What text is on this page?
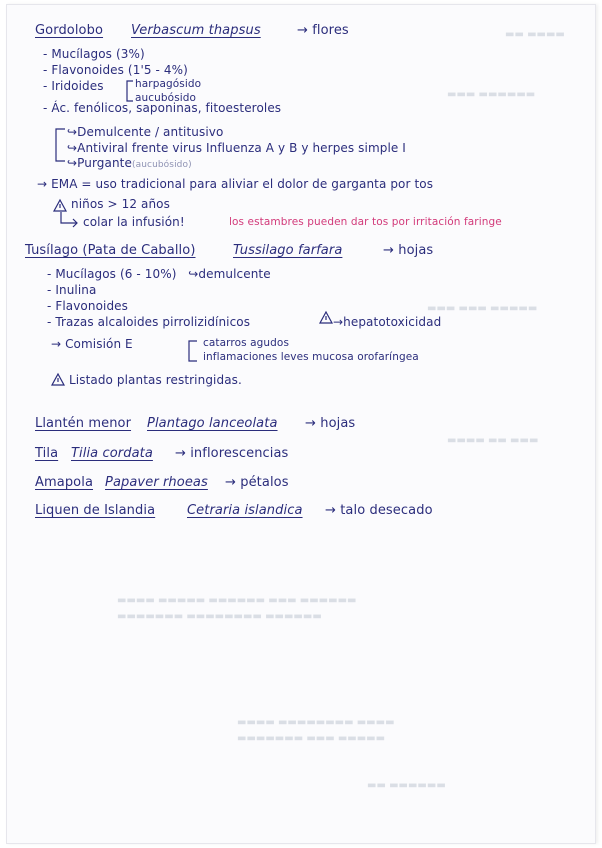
▬▬ ▬▬▬▬
▬▬▬ ▬▬▬▬▬▬
▬▬▬ ▬▬▬ ▬▬▬▬▬
▬▬▬▬ ▬▬ ▬▬▬
▬▬▬▬ ▬▬▬▬▬ ▬▬▬▬▬▬ ▬▬▬ ▬▬▬▬▬▬
▬▬▬▬▬▬▬ ▬▬▬▬▬▬▬▬ ▬▬▬▬▬▬
▬▬▬▬ ▬▬▬▬▬▬▬▬ ▬▬▬▬
▬▬▬▬▬▬▬ ▬▬▬ ▬▬▬▬▬
▬▬ ▬▬▬▬▬▬
Gordolobo Verbascum thapsus	→ flores
- Mucílagos (3%)
- Flavonoides (1'5 - 4%)
- Iridoides	harpagósido
aucubósido
- Ác. fenólicos, saponinas, fitoesteroles
↪Demulcente / antitusivo
↪Antiviral frente virus Influenza A y B y herpes simple I
↪Purgante(aucubósido)
→ EMA = uso tradicional para aliviar el dolor de garganta por tos
niños > 12 años
colar la infusión!	los estambres pueden dar tos por irritación faringe
Tusílago (Pata de Caballo)	Tussilago farfara	→ hojas
- Mucílagos (6 - 10%)   ↪demulcente
- Inulina
- Flavonoides
- Trazas alcaloides pirrolizidínicos	→hepatotoxicidad
→ Comisión E	catarros agudos
inflamaciones leves mucosa orofaríngea
Listado plantas restringidas.
Llantén menor Plantago lanceolata → hojas
Tila Tilia cordata → inflorescencias
Amapola Papaver rhoeas → pétalos
Liquen de Islandia Cetraria islandica → talo desecado
